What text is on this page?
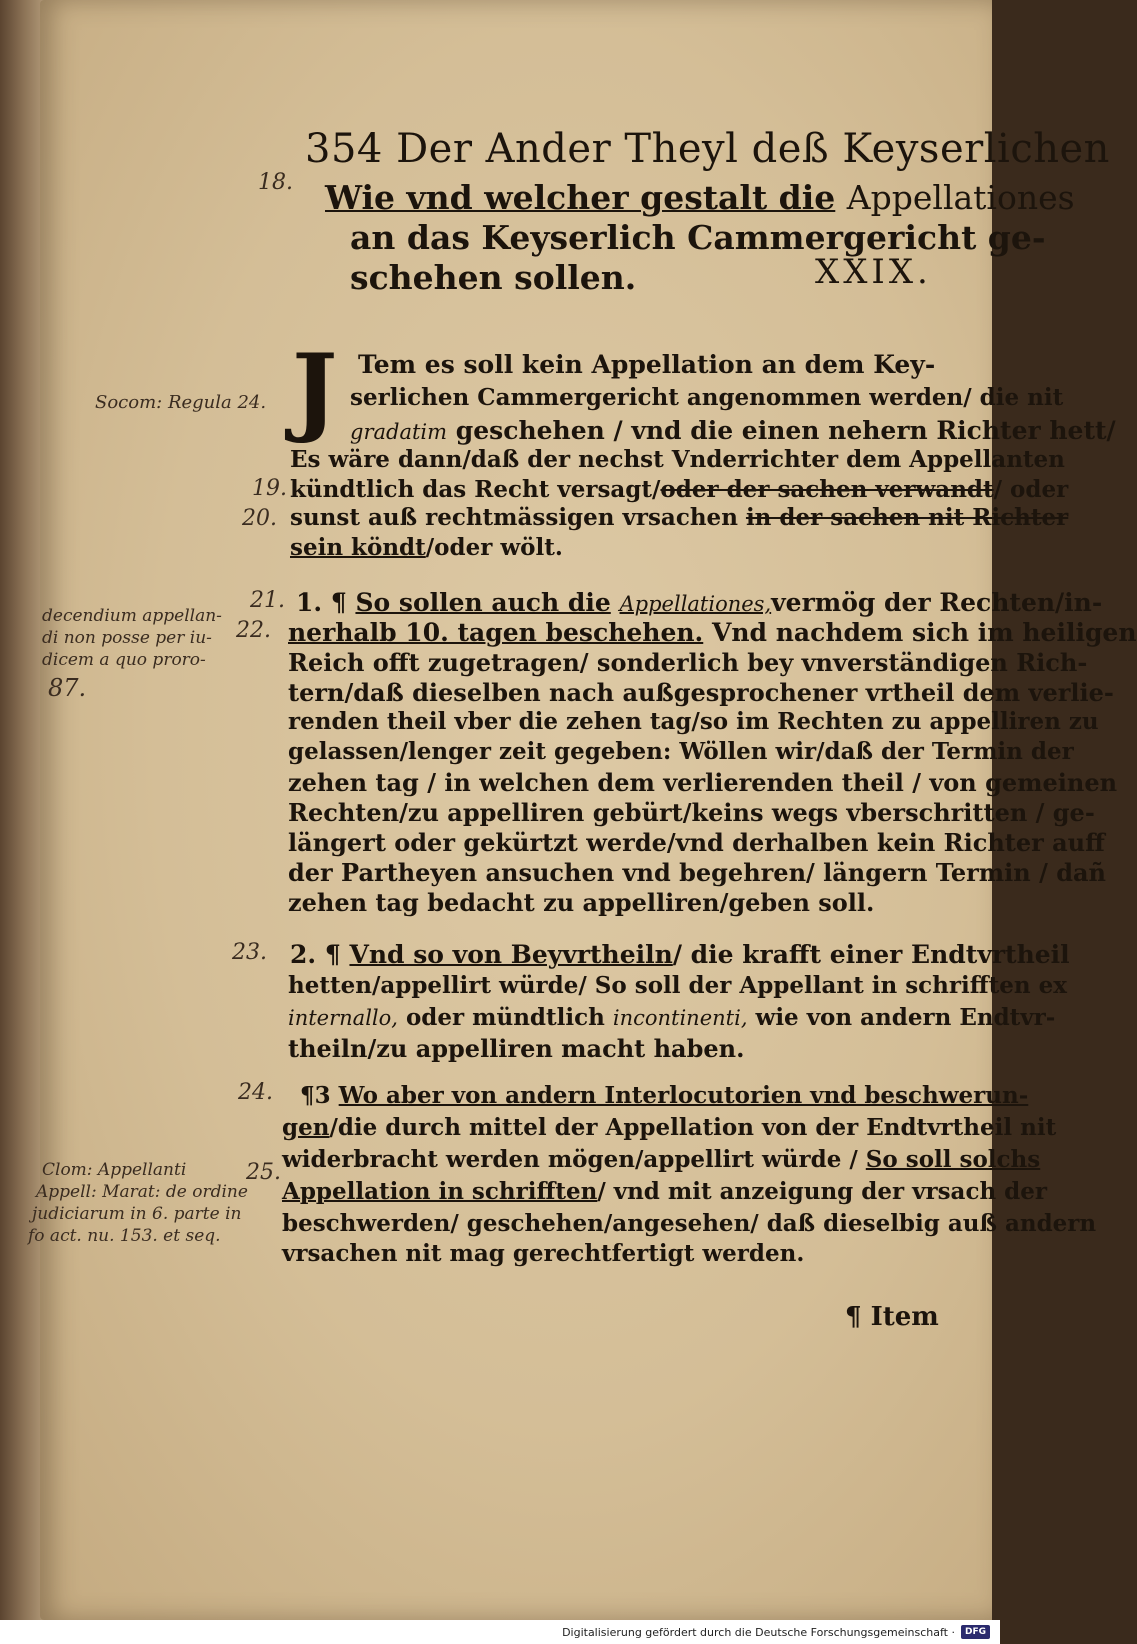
354 Der Ander Theyl deß Keyserlichen
18. Wie vnd welcher gestalt die Appellationes
an das Keyserlich Cammergericht ge-
schehen sollen.	XXIX.
Socom: Regula 24. J Tem es soll kein Appellation an dem Key-
serlichen Cammergericht angenommen werden/ die nit
gradatim geschehen / vnd die einen nehern Richter hett/
Es wäre dann/daß der nechst Vnderrichter dem Appellanten
19. kündtlich das Recht versagt/oder der sachen verwandt/ oder
20. sunst auß rechtmässigen vrsachen in der sachen nit Richter
sein köndt/oder wölt.
21.
22.
decendium appellan-
di non posse per iu-
dicem a quo proro-
87.
1. ¶ So sollen auch die Appellationes,vermög der Rechten/in-
nerhalb 10. tagen beschehen. Vnd nachdem sich im heiligen
Reich offt zugetragen/ sonderlich bey vnverständigen Rich-
tern/daß dieselben nach außgesprochener vrtheil dem verlie-
renden theil vber die zehen tag/so im Rechten zu appelliren zu
gelassen/lenger zeit gegeben: Wöllen wir/daß der Termin der
zehen tag / in welchen dem verlierenden theil / von gemeinen
Rechten/zu appelliren gebürt/keins wegs vberschritten / ge-
längert oder gekürtzt werde/vnd derhalben kein Richter auff
der Partheyen ansuchen vnd begehren/ längern Termin / dañ
zehen tag bedacht zu appelliren/geben soll.
23. 2. ¶ Vnd so von Beyvrtheiln/ die krafft einer Endtvrtheil
hetten/appellirt würde/ So soll der Appellant in schrifften ex
internallo, oder mündtlich incontinenti, wie von andern Endtvr-
theiln/zu appelliren macht haben.
24.
25.
Clom: Appellanti
Appell: Marat: de ordine
judiciarum in 6. parte in
fo act. nu. 153. et seq.
¶3 Wo aber von andern Interlocutorien vnd beschwerun-
gen/die durch mittel der Appellation von der Endtvrtheil nit
widerbracht werden mögen/appellirt würde / So soll solchs
Appellation in schrifften/ vnd mit anzeigung der vrsach der
beschwerden/ geschehen/angesehen/ daß dieselbig auß andern
vrsachen nit mag gerechtfertigt werden.
¶ Item
Digitalisierung gefördert durch die Deutsche Forschungsgemeinschaft ·	DFG
